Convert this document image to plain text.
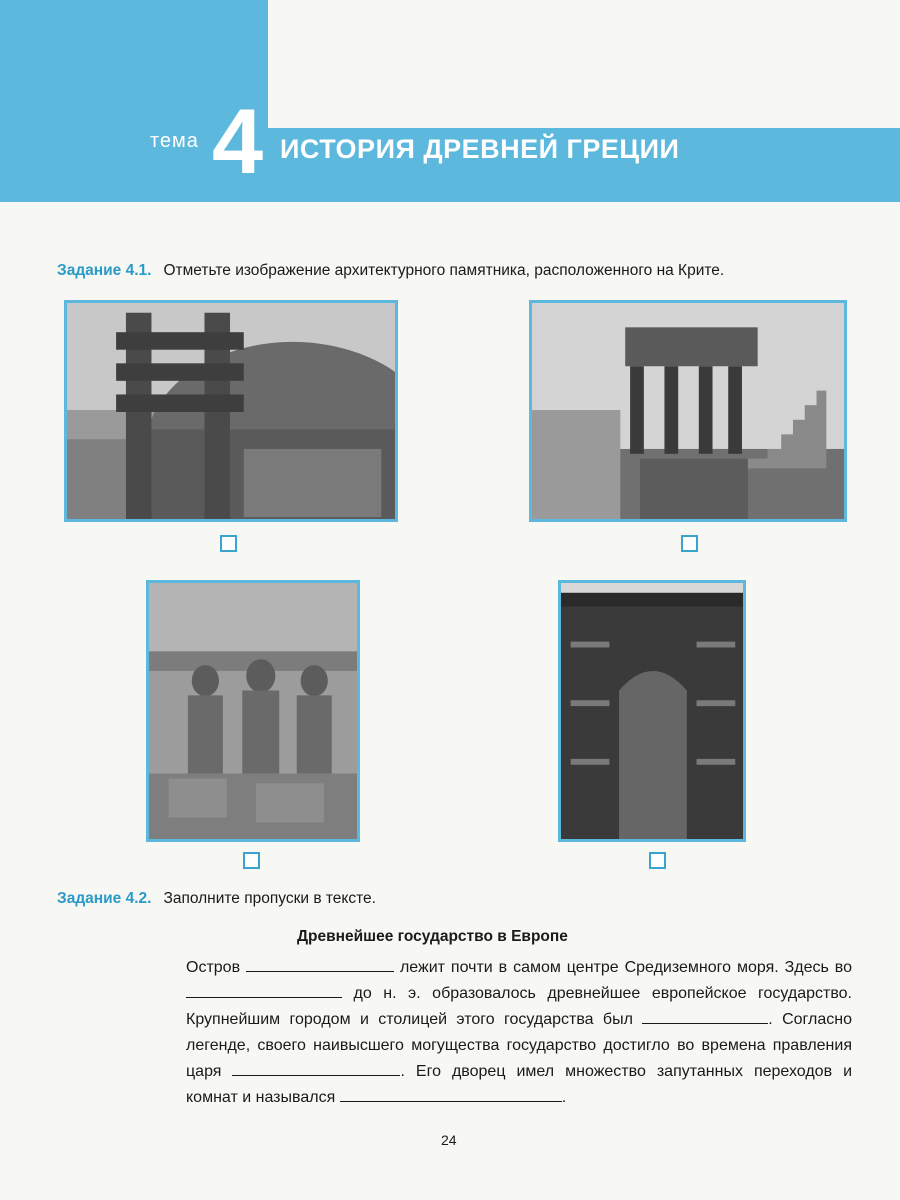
тема 4 ИСТОРИЯ ДРЕВНЕЙ ГРЕЦИИ
Задание 4.1. Отметьте изображение архитектурного памятника, расположенного на Крите.
Задание 4.2. Заполните пропуски в тексте.
Древнейшее государство в Европе
Остров	лежит почти в самом центре Средиземного моря. Здесь во  до н. э. образовалось древнейшее европейское государство. Крупнейшим городом и столицей этого государства был	. Согласно легенде, своего наивысшего могущества государство достигло во времена правления царя	. Его дворец имел множество запутанных переходов и комнат и назывался	.
24
